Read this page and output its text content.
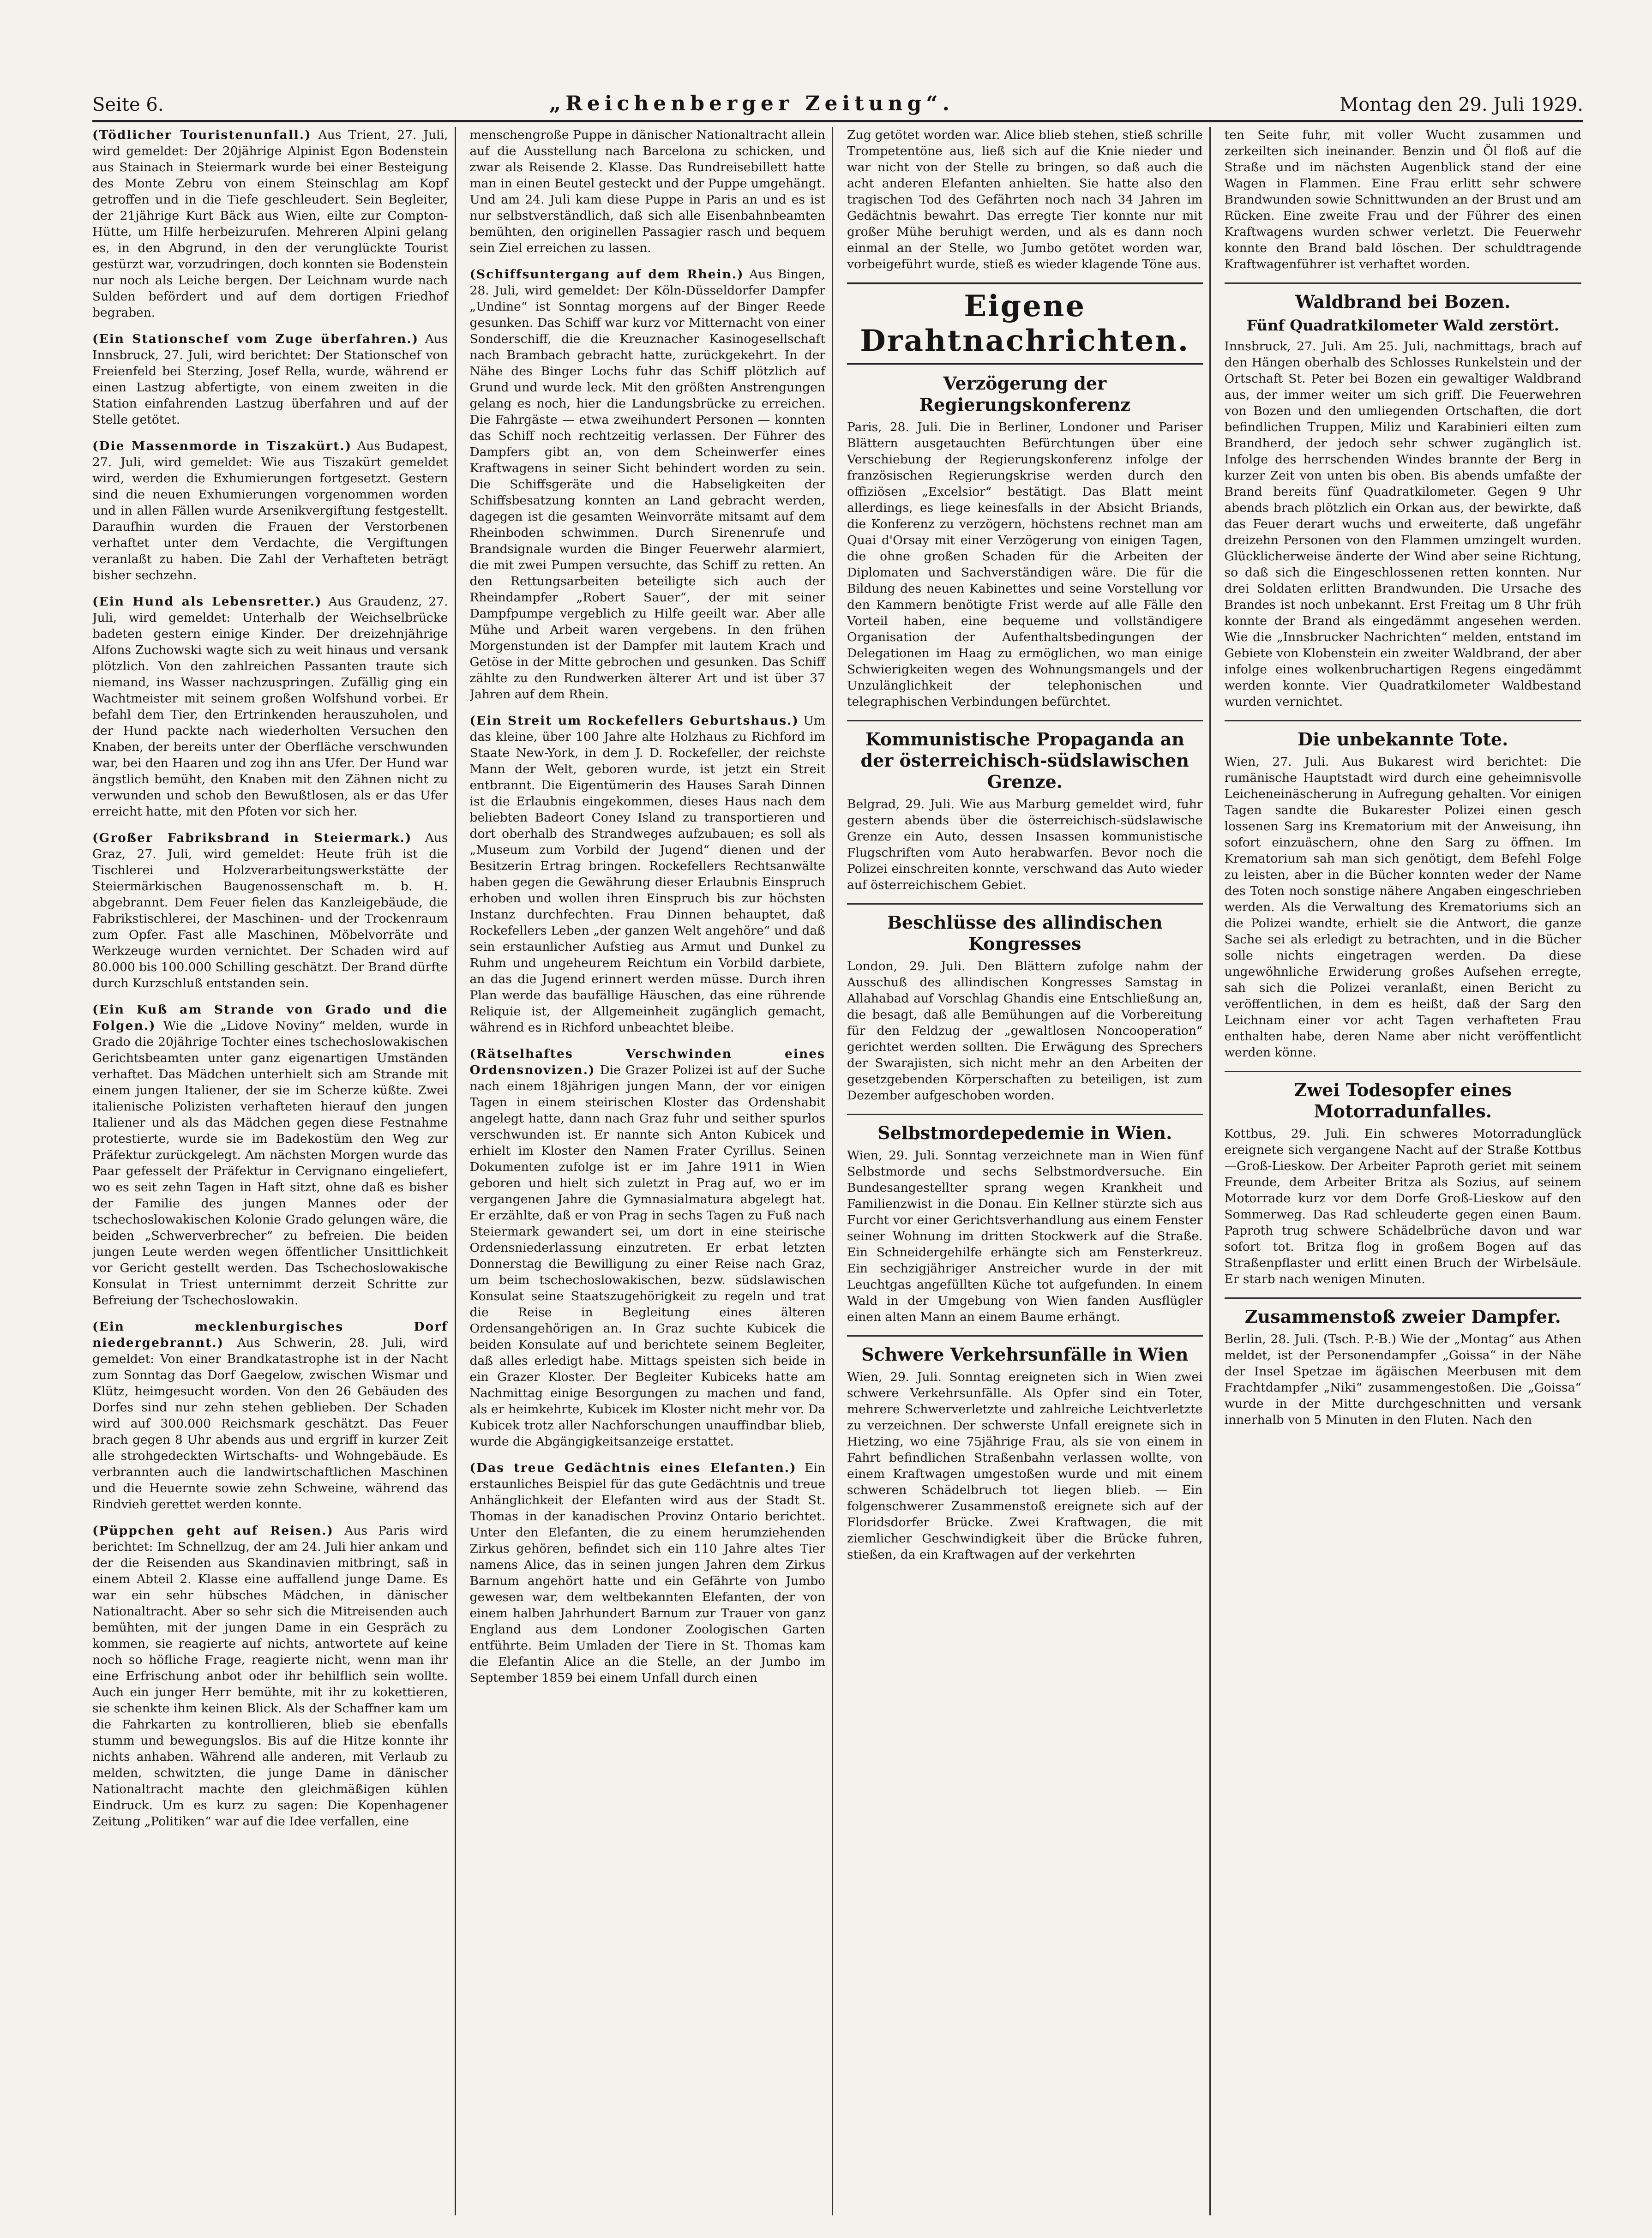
Seite 6.	„Reichenberger Zeitung“.	Montag den 29. Juli 1929.

(Tödlicher Touristenunfall.) Aus Trient, 27. Juli, wird gemeldet: Der 20jährige Alpinist Egon Bodenstein aus Stainach in Steiermark wurde bei einer Besteigung des Monte Zebru von einem Steinschlag am Kopf getroffen und in die Tiefe geschleudert. Sein Begleiter, der 21jährige Kurt Bäck aus Wien, eilte zur Compton-Hütte, um Hilfe herbeizurufen. Mehreren Alpini gelang es, in den Abgrund, in den der verunglückte Tourist gestürzt war, vorzudringen, doch konnten sie Bodenstein nur noch als Leiche bergen. Der Leichnam wurde nach Sulden befördert und auf dem dortigen Friedhof begraben.

(Ein Stationschef vom Zuge überfahren.) Aus Innsbruck, 27. Juli, wird berichtet: Der Stationschef von Freienfeld bei Sterzing, Josef Rella, wurde, während er einen Lastzug abfertigte, von einem zweiten in die Station einfahrenden Lastzug überfahren und auf der Stelle getötet.

(Die Massenmorde in Tiszakürt.) Aus Budapest, 27. Juli, wird gemeldet: Wie aus Tiszakürt gemeldet wird, werden die Exhumierungen fortgesetzt. Gestern sind die neuen Exhumierungen vorgenommen worden und in allen Fällen wurde Arsenikvergiftung festgestellt. Daraufhin wurden die Frauen der Verstorbenen verhaftet unter dem Verdachte, die Vergiftungen veranlaßt zu haben. Die Zahl der Verhafteten beträgt bisher sechzehn.

(Ein Hund als Lebensretter.) Aus Graudenz, 27. Juli, wird gemeldet: Unterhalb der Weichselbrücke badeten gestern einige Kinder. Der dreizehnjährige Alfons Zuchowski wagte sich zu weit hinaus und versank plötzlich. Von den zahlreichen Passanten traute sich niemand, ins Wasser nachzuspringen. Zufällig ging ein Wachtmeister mit seinem großen Wolfshund vorbei. Er befahl dem Tier, den Ertrinkenden herauszuholen, und der Hund packte nach wiederholten Versuchen den Knaben, der bereits unter der Oberfläche verschwunden war, bei den Haaren und zog ihn ans Ufer. Der Hund war ängstlich bemüht, den Knaben mit den Zähnen nicht zu verwunden und schob den Bewußtlosen, als er das Ufer erreicht hatte, mit den Pfoten vor sich her.

(Großer Fabriksbrand in Steiermark.) Aus Graz, 27. Juli, wird gemeldet: Heute früh ist die Tischlerei und Holzverarbeitungswerkstätte der Steiermärkischen Baugenossenschaft m. b. H. abgebrannt. Dem Feuer fielen das Kanzleigebäude, die Fabrikstischlerei, der Maschinen- und der Trockenraum zum Opfer. Fast alle Maschinen, Möbelvorräte und Werkzeuge wurden vernichtet. Der Schaden wird auf 80.000 bis 100.000 Schilling geschätzt. Der Brand dürfte durch Kurzschluß entstanden sein.

(Ein Kuß am Strande von Grado und die Folgen.) Wie die „Lidove Noviny“ melden, wurde in Grado die 20jährige Tochter eines tschechoslowakischen Gerichtsbeamten unter ganz eigenartigen Umständen verhaftet. Das Mädchen unterhielt sich am Strande mit einem jungen Italiener, der sie im Scherze küßte. Zwei italienische Polizisten verhafteten hierauf den jungen Italiener und als das Mädchen gegen diese Festnahme protestierte, wurde sie im Badekostüm den Weg zur Präfektur zurückgelegt. Am nächsten Morgen wurde das Paar gefesselt der Präfektur in Cervignano eingeliefert, wo es seit zehn Tagen in Haft sitzt, ohne daß es bisher der Familie des jungen Mannes oder der tschechoslowakischen Kolonie Grado gelungen wäre, die beiden „Schwerverbrecher“ zu befreien. Die beiden jungen Leute werden wegen öffentlicher Unsittlichkeit vor Gericht gestellt werden. Das Tschechoslowakische Konsulat in Triest unternimmt derzeit Schritte zur Befreiung der Tschechoslowakin.

(Ein mecklenburgisches Dorf niedergebrannt.) Aus Schwerin, 28. Juli, wird gemeldet: Von einer Brandkatastrophe ist in der Nacht zum Sonntag das Dorf Gaegelow, zwischen Wismar und Klütz, heimgesucht worden. Von den 26 Gebäuden des Dorfes sind nur zehn stehen geblieben. Der Schaden wird auf 300.000 Reichsmark geschätzt. Das Feuer brach gegen 8 Uhr abends aus und ergriff in kurzer Zeit alle strohgedeckten Wirtschafts- und Wohngebäude. Es verbrannten auch die landwirtschaftlichen Maschinen und die Heuernte sowie zehn Schweine, während das Rindvieh gerettet werden konnte.

(Püppchen geht auf Reisen.) Aus Paris wird berichtet: Im Schnellzug, der am 24. Juli hier ankam und der die Reisenden aus Skandinavien mitbringt, saß in einem Abteil 2. Klasse eine auffallend junge Dame. Es war ein sehr hübsches Mädchen, in dänischer Nationaltracht. Aber so sehr sich die Mitreisenden auch bemühten, mit der jungen Dame in ein Gespräch zu kommen, sie reagierte auf nichts, antwortete auf keine noch so höfliche Frage, reagierte nicht, wenn man ihr eine Erfrischung anbot oder ihr behilflich sein wollte. Auch ein junger Herr bemühte, mit ihr zu kokettieren, sie schenkte ihm keinen Blick. Als der Schaffner kam um die Fahrkarten zu kontrollieren, blieb sie ebenfalls stumm und bewegungslos. Bis auf die Hitze konnte ihr nichts anhaben. Während alle anderen, mit Verlaub zu melden, schwitzten, die junge Dame in dänischer Nationaltracht machte den gleichmäßigen kühlen Eindruck. Um es kurz zu sagen: Die Kopenhagener Zeitung „Politiken“ war auf die Idee verfallen, eine

menschengroße Puppe in dänischer Nationaltracht allein auf die Ausstellung nach Barcelona zu schicken, und zwar als Reisende 2. Klasse. Das Rundreisebillett hatte man in einen Beutel gesteckt und der Puppe umgehängt. Und am 24. Juli kam diese Puppe in Paris an und es ist nur selbstverständlich, daß sich alle Eisenbahnbeamten bemühten, den originellen Passagier rasch und bequem sein Ziel erreichen zu lassen.

(Schiffsuntergang auf dem Rhein.) Aus Bingen, 28. Juli, wird gemeldet: Der Köln-Düsseldorfer Dampfer „Undine“ ist Sonntag morgens auf der Binger Reede gesunken. Das Schiff war kurz vor Mitternacht von einer Sonderschiff, die die Kreuznacher Kasinogesellschaft nach Brambach gebracht hatte, zurückgekehrt. In der Nähe des Binger Lochs fuhr das Schiff plötzlich auf Grund und wurde leck. Mit den größten Anstrengungen gelang es noch, hier die Landungsbrücke zu erreichen. Die Fahrgäste — etwa zweihundert Personen — konnten das Schiff noch rechtzeitig verlassen. Der Führer des Dampfers gibt an, von dem Scheinwerfer eines Kraftwagens in seiner Sicht behindert worden zu sein. Die Schiffsgeräte und die Habseligkeiten der Schiffsbesatzung konnten an Land gebracht werden, dagegen ist die gesamten Weinvorräte mitsamt auf dem Rheinboden schwimmen. Durch Sirenenrufe und Brandsignale wurden die Binger Feuerwehr alarmiert, die mit zwei Pumpen versuchte, das Schiff zu retten. An den Rettungsarbeiten beteiligte sich auch der Rheindampfer „Robert Sauer“, der mit seiner Dampfpumpe vergeblich zu Hilfe geeilt war. Aber alle Mühe und Arbeit waren vergebens. In den frühen Morgenstunden ist der Dampfer mit lautem Krach und Getöse in der Mitte gebrochen und gesunken. Das Schiff zählte zu den Rundwerken älterer Art und ist über 37 Jahren auf dem Rhein.

(Ein Streit um Rockefellers Geburtshaus.) Um das kleine, über 100 Jahre alte Holzhaus zu Richford im Staate New-York, in dem J. D. Rockefeller, der reichste Mann der Welt, geboren wurde, ist jetzt ein Streit entbrannt. Die Eigentümerin des Hauses Sarah Dinnen ist die Erlaubnis eingekommen, dieses Haus nach dem beliebten Badeort Coney Island zu transportieren und dort oberhalb des Strandweges aufzubauen; es soll als „Museum zum Vorbild der Jugend“ dienen und der Besitzerin Ertrag bringen. Rockefellers Rechtsanwälte haben gegen die Gewährung dieser Erlaubnis Einspruch erhoben und wollen ihren Einspruch bis zur höchsten Instanz durchfechten. Frau Dinnen behauptet, daß Rockefellers Leben „der ganzen Welt angehöre“ und daß sein erstaunlicher Aufstieg aus Armut und Dunkel zu Ruhm und ungeheurem Reichtum ein Vorbild darbiete, an das die Jugend erinnert werden müsse. Durch ihren Plan werde das baufällige Häuschen, das eine rührende Reliquie ist, der Allgemeinheit zugänglich gemacht, während es in Richford unbeachtet bleibe.

(Rätselhaftes Verschwinden eines Ordensnovizen.) Die Grazer Polizei ist auf der Suche nach einem 18jährigen jungen Mann, der vor einigen Tagen in einem steirischen Kloster das Ordenshabit angelegt hatte, dann nach Graz fuhr und seither spurlos verschwunden ist. Er nannte sich Anton Kubicek und erhielt im Kloster den Namen Frater Cyrillus. Seinen Dokumenten zufolge ist er im Jahre 1911 in Wien geboren und hielt sich zuletzt in Prag auf, wo er im vergangenen Jahre die Gymnasialmatura abgelegt hat. Er erzählte, daß er von Prag in sechs Tagen zu Fuß nach Steiermark gewandert sei, um dort in eine steirische Ordensniederlassung einzutreten. Er erbat letzten Donnerstag die Bewilligung zu einer Reise nach Graz, um beim tschechoslowakischen, bezw. südslawischen Konsulat seine Staatszugehörigkeit zu regeln und trat die Reise in Begleitung eines älteren Ordensangehörigen an. In Graz suchte Kubicek die beiden Konsulate auf und berichtete seinem Begleiter, daß alles erledigt habe. Mittags speisten sich beide in ein Grazer Kloster. Der Begleiter Kubiceks hatte am Nachmittag einige Besorgungen zu machen und fand, als er heimkehrte, Kubicek im Kloster nicht mehr vor. Da Kubicek trotz aller Nachforschungen unauffindbar blieb, wurde die Abgängigkeitsanzeige erstattet.

(Das treue Gedächtnis eines Elefanten.) Ein erstaunliches Beispiel für das gute Gedächtnis und treue Anhänglichkeit der Elefanten wird aus der Stadt St. Thomas in der kanadischen Provinz Ontario berichtet. Unter den Elefanten, die zu einem herumziehenden Zirkus gehören, befindet sich ein 110 Jahre altes Tier namens Alice, das in seinen jungen Jahren dem Zirkus Barnum angehört hatte und ein Gefährte von Jumbo gewesen war, dem weltbekannten Elefanten, der von einem halben Jahrhundert Barnum zur Trauer von ganz England aus dem Londoner Zoologischen Garten entführte. Beim Umladen der Tiere in St. Thomas kam die Elefantin Alice an die Stelle, an der Jumbo im September 1859 bei einem Unfall durch einen

Zug getötet worden war. Alice blieb stehen, stieß schrille Trompetentöne aus, ließ sich auf die Knie nieder und war nicht von der Stelle zu bringen, so daß auch die acht anderen Elefanten anhielten. Sie hatte also den tragischen Tod des Gefährten noch nach 34 Jahren im Gedächtnis bewahrt. Das erregte Tier konnte nur mit großer Mühe beruhigt werden, und als es dann noch einmal an der Stelle, wo Jumbo getötet worden war, vorbeigeführt wurde, stieß es wieder klagende Töne aus.

Eigene Drahtnachrichten.
Verzögerung der Regierungskonferenz

Paris, 28. Juli. Die in Berliner, Londoner und Pariser Blättern ausgetauchten Befürchtungen über eine Verschiebung der Regierungskonferenz infolge der französischen Regierungskrise werden durch den offiziösen „Excelsior“ bestätigt. Das Blatt meint allerdings, es liege keinesfalls in der Absicht Briands, die Konferenz zu verzögern, höchstens rechnet man am Quai d'Orsay mit einer Verzögerung von einigen Tagen, die ohne großen Schaden für die Arbeiten der Diplomaten und Sachverständigen wäre. Die für die Bildung des neuen Kabinettes und seine Vorstellung vor den Kammern benötigte Frist werde auf alle Fälle den Vorteil haben, eine bequeme und vollständigere Organisation der Aufenthaltsbedingungen der Delegationen im Haag zu ermöglichen, wo man einige Schwierigkeiten wegen des Wohnungsmangels und der Unzulänglichkeit der telephonischen und telegraphischen Verbindungen befürchtet.

Kommunistische Propaganda an der österreichisch-südslawischen Grenze.

Belgrad, 29. Juli. Wie aus Marburg gemeldet wird, fuhr gestern abends über die österreichisch-südslawische Grenze ein Auto, dessen Insassen kommunistische Flugschriften vom Auto herabwarfen. Bevor noch die Polizei einschreiten konnte, verschwand das Auto wieder auf österreichischem Gebiet.

Beschlüsse des allindischen Kongresses

London, 29. Juli. Den Blättern zufolge nahm der Ausschuß des allindischen Kongresses Samstag in Allahabad auf Vorschlag Ghandis eine Entschließung an, die besagt, daß alle Bemühungen auf die Vorbereitung für den Feldzug der „gewaltlosen Noncooperation“ gerichtet werden sollten. Die Erwägung des Sprechers der Swarajisten, sich nicht mehr an den Arbeiten der gesetzgebenden Körperschaften zu beteiligen, ist zum Dezember aufgeschoben worden.

Selbstmordepedemie in Wien.

Wien, 29. Juli. Sonntag verzeichnete man in Wien fünf Selbstmorde und sechs Selbstmordversuche. Ein Bundesangestellter sprang wegen Krankheit und Familienzwist in die Donau. Ein Kellner stürzte sich aus Furcht vor einer Gerichtsverhandlung aus einem Fenster seiner Wohnung im dritten Stockwerk auf die Straße. Ein Schneidergehilfe erhängte sich am Fensterkreuz. Ein sechzigjähriger Anstreicher wurde in der mit Leuchtgas angefüllten Küche tot aufgefunden. In einem Wald in der Umgebung von Wien fanden Ausflügler einen alten Mann an einem Baume erhängt.

Schwere Verkehrsunfälle in Wien

Wien, 29. Juli. Sonntag ereigneten sich in Wien zwei schwere Verkehrsunfälle. Als Opfer sind ein Toter, mehrere Schwerverletzte und zahlreiche Leichtverletzte zu verzeichnen. Der schwerste Unfall ereignete sich in Hietzing, wo eine 75jährige Frau, als sie von einem in Fahrt befindlichen Straßenbahn verlassen wollte, von einem Kraftwagen umgestoßen wurde und mit einem schweren Schädelbruch tot liegen blieb. — Ein folgenschwerer Zusammenstoß ereignete sich auf der Floridsdorfer Brücke. Zwei Kraftwagen, die mit ziemlicher Geschwindigkeit über die Brücke fuhren, stießen, da ein Kraftwagen auf der verkehrten

ten Seite fuhr, mit voller Wucht zusammen und zerkeilten sich ineinander. Benzin und Öl floß auf die Straße und im nächsten Augenblick stand der eine Wagen in Flammen. Eine Frau erlitt sehr schwere Brandwunden sowie Schnittwunden an der Brust und am Rücken. Eine zweite Frau und der Führer des einen Kraftwagens wurden schwer verletzt. Die Feuerwehr konnte den Brand bald löschen. Der schuldtragende Kraftwagenführer ist verhaftet worden.

Waldbrand bei Bozen.
Fünf Quadratkilometer Wald zerstört.

Innsbruck, 27. Juli. Am 25. Juli, nachmittags, brach auf den Hängen oberhalb des Schlosses Runkelstein und der Ortschaft St. Peter bei Bozen ein gewaltiger Waldbrand aus, der immer weiter um sich griff. Die Feuerwehren von Bozen und den umliegenden Ortschaften, die dort befindlichen Truppen, Miliz und Karabinieri eilten zum Brandherd, der jedoch sehr schwer zugänglich ist. Infolge des herrschenden Windes brannte der Berg in kurzer Zeit von unten bis oben. Bis abends umfaßte der Brand bereits fünf Quadratkilometer. Gegen 9 Uhr abends brach plötzlich ein Orkan aus, der bewirkte, daß das Feuer derart wuchs und erweiterte, daß ungefähr dreizehn Personen von den Flammen umzingelt wurden. Glücklicherweise änderte der Wind aber seine Richtung, so daß sich die Eingeschlossenen retten konnten. Nur drei Soldaten erlitten Brandwunden. Die Ursache des Brandes ist noch unbekannt. Erst Freitag um 8 Uhr früh konnte der Brand als eingedämmt angesehen werden. Wie die „Innsbrucker Nachrichten“ melden, entstand im Gebiete von Klobenstein ein zweiter Waldbrand, der aber infolge eines wolkenbruchartigen Regens eingedämmt werden konnte. Vier Quadratkilometer Waldbestand wurden vernichtet.

Die unbekannte Tote.

Wien, 27. Juli. Aus Bukarest wird berichtet: Die rumänische Hauptstadt wird durch eine geheimnisvolle Leicheneinäscherung in Aufregung gehalten. Vor einigen Tagen sandte die Bukarester Polizei einen gesch lossenen Sarg ins Krematorium mit der Anweisung, ihn sofort einzuäschern, ohne den Sarg zu öffnen. Im Krematorium sah man sich genötigt, dem Befehl Folge zu leisten, aber in die Bücher konnten weder der Name des Toten noch sonstige nähere Angaben eingeschrieben werden. Als die Verwaltung des Krematoriums sich an die Polizei wandte, erhielt sie die Antwort, die ganze Sache sei als erledigt zu betrachten, und in die Bücher solle nichts eingetragen werden. Da diese ungewöhnliche Erwiderung großes Aufsehen erregte, sah sich die Polizei veranlaßt, einen Bericht zu veröffentlichen, in dem es heißt, daß der Sarg den Leichnam einer vor acht Tagen verhafteten Frau enthalten habe, deren Name aber nicht veröffentlicht werden könne.

Zwei Todesopfer eines Motorradunfalles.

Kottbus, 29. Juli. Ein schweres Motorradunglück ereignete sich vergangene Nacht auf der Straße Kottbus—Groß-Lieskow. Der Arbeiter Paproth geriet mit seinem Freunde, dem Arbeiter Britza als Sozius, auf seinem Motorrade kurz vor dem Dorfe Groß-Lieskow auf den Sommerweg. Das Rad schleuderte gegen einen Baum. Paproth trug schwere Schädelbrüche davon und war sofort tot. Britza flog in großem Bogen auf das Straßenpflaster und erlitt einen Bruch der Wirbelsäule. Er starb nach wenigen Minuten.

Zusammenstoß zweier Dampfer.

Berlin, 28. Juli. (Tsch. P.-B.) Wie der „Montag“ aus Athen meldet, ist der Personendampfer „Goissa“ in der Nähe der Insel Spetzae im ägäischen Meerbusen mit dem Frachtdampfer „Niki“ zusammengestoßen. Die „Goissa“ wurde in der Mitte durchgeschnitten und versank innerhalb von 5 Minuten in den Fluten. Nach den
